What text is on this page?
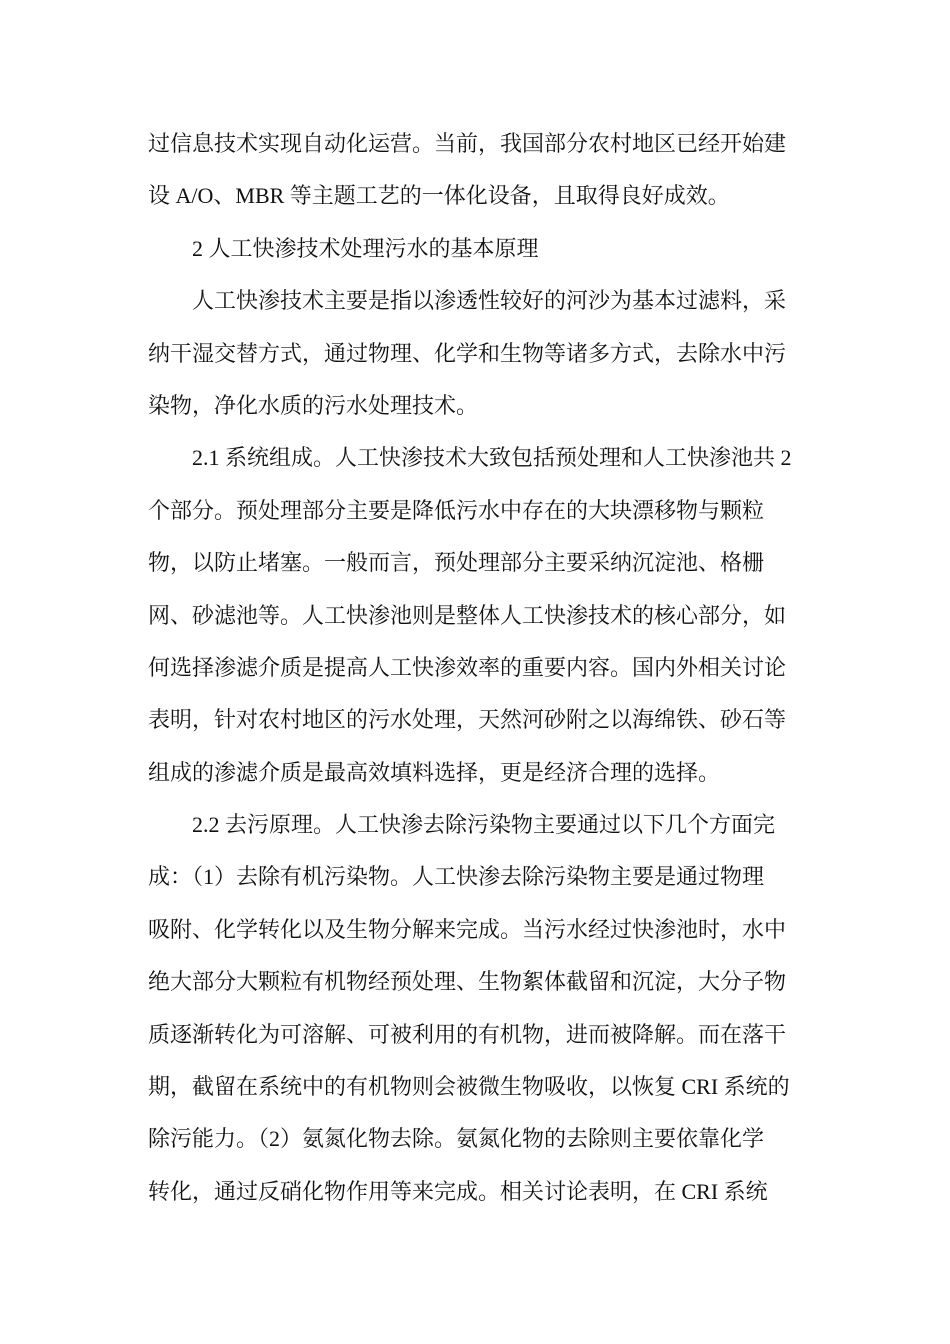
过信息技术实现自动化运营。当前，我国部分农村地区已经开始建
设 A/O、MBR 等主题工艺的一体化设备，且取得良好成效。
2 人工快渗技术处理污水的基本原理
人工快渗技术主要是指以渗透性较好的河沙为基本过滤料，采
纳干湿交替方式，通过物理、化学和生物等诸多方式，去除水中污
染物，净化水质的污水处理技术。
2.1 系统组成。人工快渗技术大致包括预处理和人工快渗池共 2
个部分。预处理部分主要是降低污水中存在的大块漂移物与颗粒
物，以防止堵塞。一般而言，预处理部分主要采纳沉淀池、格栅
网、砂滤池等。人工快渗池则是整体人工快渗技术的核心部分，如
何选择渗滤介质是提高人工快渗效率的重要内容。国内外相关讨论
表明，针对农村地区的污水处理，天然河砂附之以海绵铁、砂石等
组成的渗滤介质是最高效填料选择，更是经济合理的选择。
2.2 去污原理。人工快渗去除污染物主要通过以下几个方面完
成：（1）去除有机污染物。人工快渗去除污染物主要是通过物理
吸附、化学转化以及生物分解来完成。当污水经过快渗池时，水中
绝大部分大颗粒有机物经预处理、生物絮体截留和沉淀，大分子物
质逐渐转化为可溶解、可被利用的有机物，进而被降解。而在落干
期，截留在系统中的有机物则会被微生物吸收，以恢复 CRI 系统的
除污能力。（2）氨氮化物去除。氨氮化物的去除则主要依靠化学
转化，通过反硝化物作用等来完成。相关讨论表明，在 CRI 系统
